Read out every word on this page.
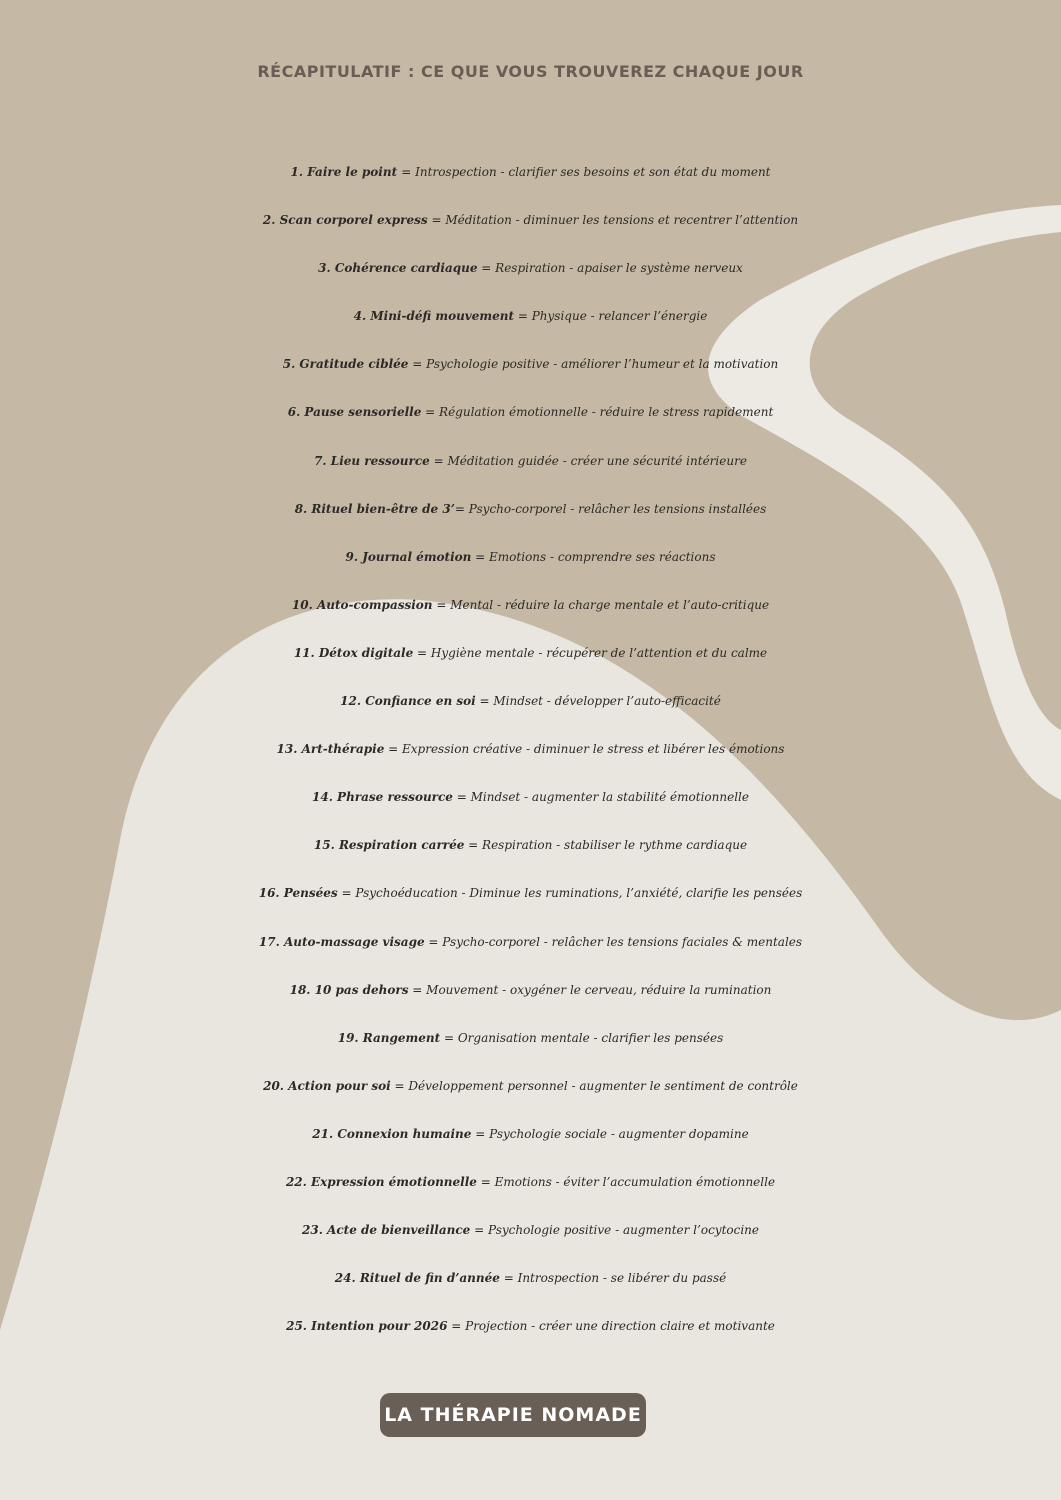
RÉCAPITULATIF : CE QUE VOUS TROUVEREZ CHAQUE JOUR
1. Faire le point = Introspection - clarifier ses besoins et son état du moment
2. Scan corporel express = Méditation - diminuer les tensions et recentrer l’attention
3. Cohérence cardiaque = Respiration - apaiser le système nerveux
4. Mini-défi mouvement = Physique - relancer l’énergie
5. Gratitude ciblée = Psychologie positive - améliorer l’humeur et la motivation
6. Pause sensorielle = Régulation émotionnelle - réduire le stress rapidement
7. Lieu ressource = Méditation guidée - créer une sécurité intérieure
8. Rituel bien-être de 3’= Psycho-corporel - relâcher les tensions installées
9. Journal émotion = Emotions - comprendre ses réactions
10. Auto-compassion = Mental - réduire la charge mentale et l’auto-critique
11. Détox digitale = Hygiène mentale - récupérer de l’attention et du calme
12. Confiance en soi = Mindset - développer l’auto-efficacité
13. Art-thérapie = Expression créative - diminuer le stress et libérer les émotions
14. Phrase ressource = Mindset - augmenter la stabilité émotionnelle
15. Respiration carrée = Respiration - stabiliser le rythme cardiaque
16. Pensées = Psychoéducation - Diminue les ruminations, l’anxiété, clarifie les pensées
17. Auto-massage visage = Psycho-corporel - relâcher les tensions faciales & mentales
18. 10 pas dehors = Mouvement - oxygéner le cerveau, réduire la rumination
19. Rangement = Organisation mentale - clarifier les pensées
20. Action pour soi = Développement personnel - augmenter le sentiment de contrôle
21. Connexion humaine = Psychologie sociale - augmenter dopamine
22. Expression émotionnelle = Emotions - éviter l’accumulation émotionnelle
23. Acte de bienveillance = Psychologie positive - augmenter l’ocytocine
24. Rituel de fin d’année = Introspection - se libérer du passé
25. Intention pour 2026 = Projection - créer une direction claire et motivante
LA THÉRAPIE NOMADE
